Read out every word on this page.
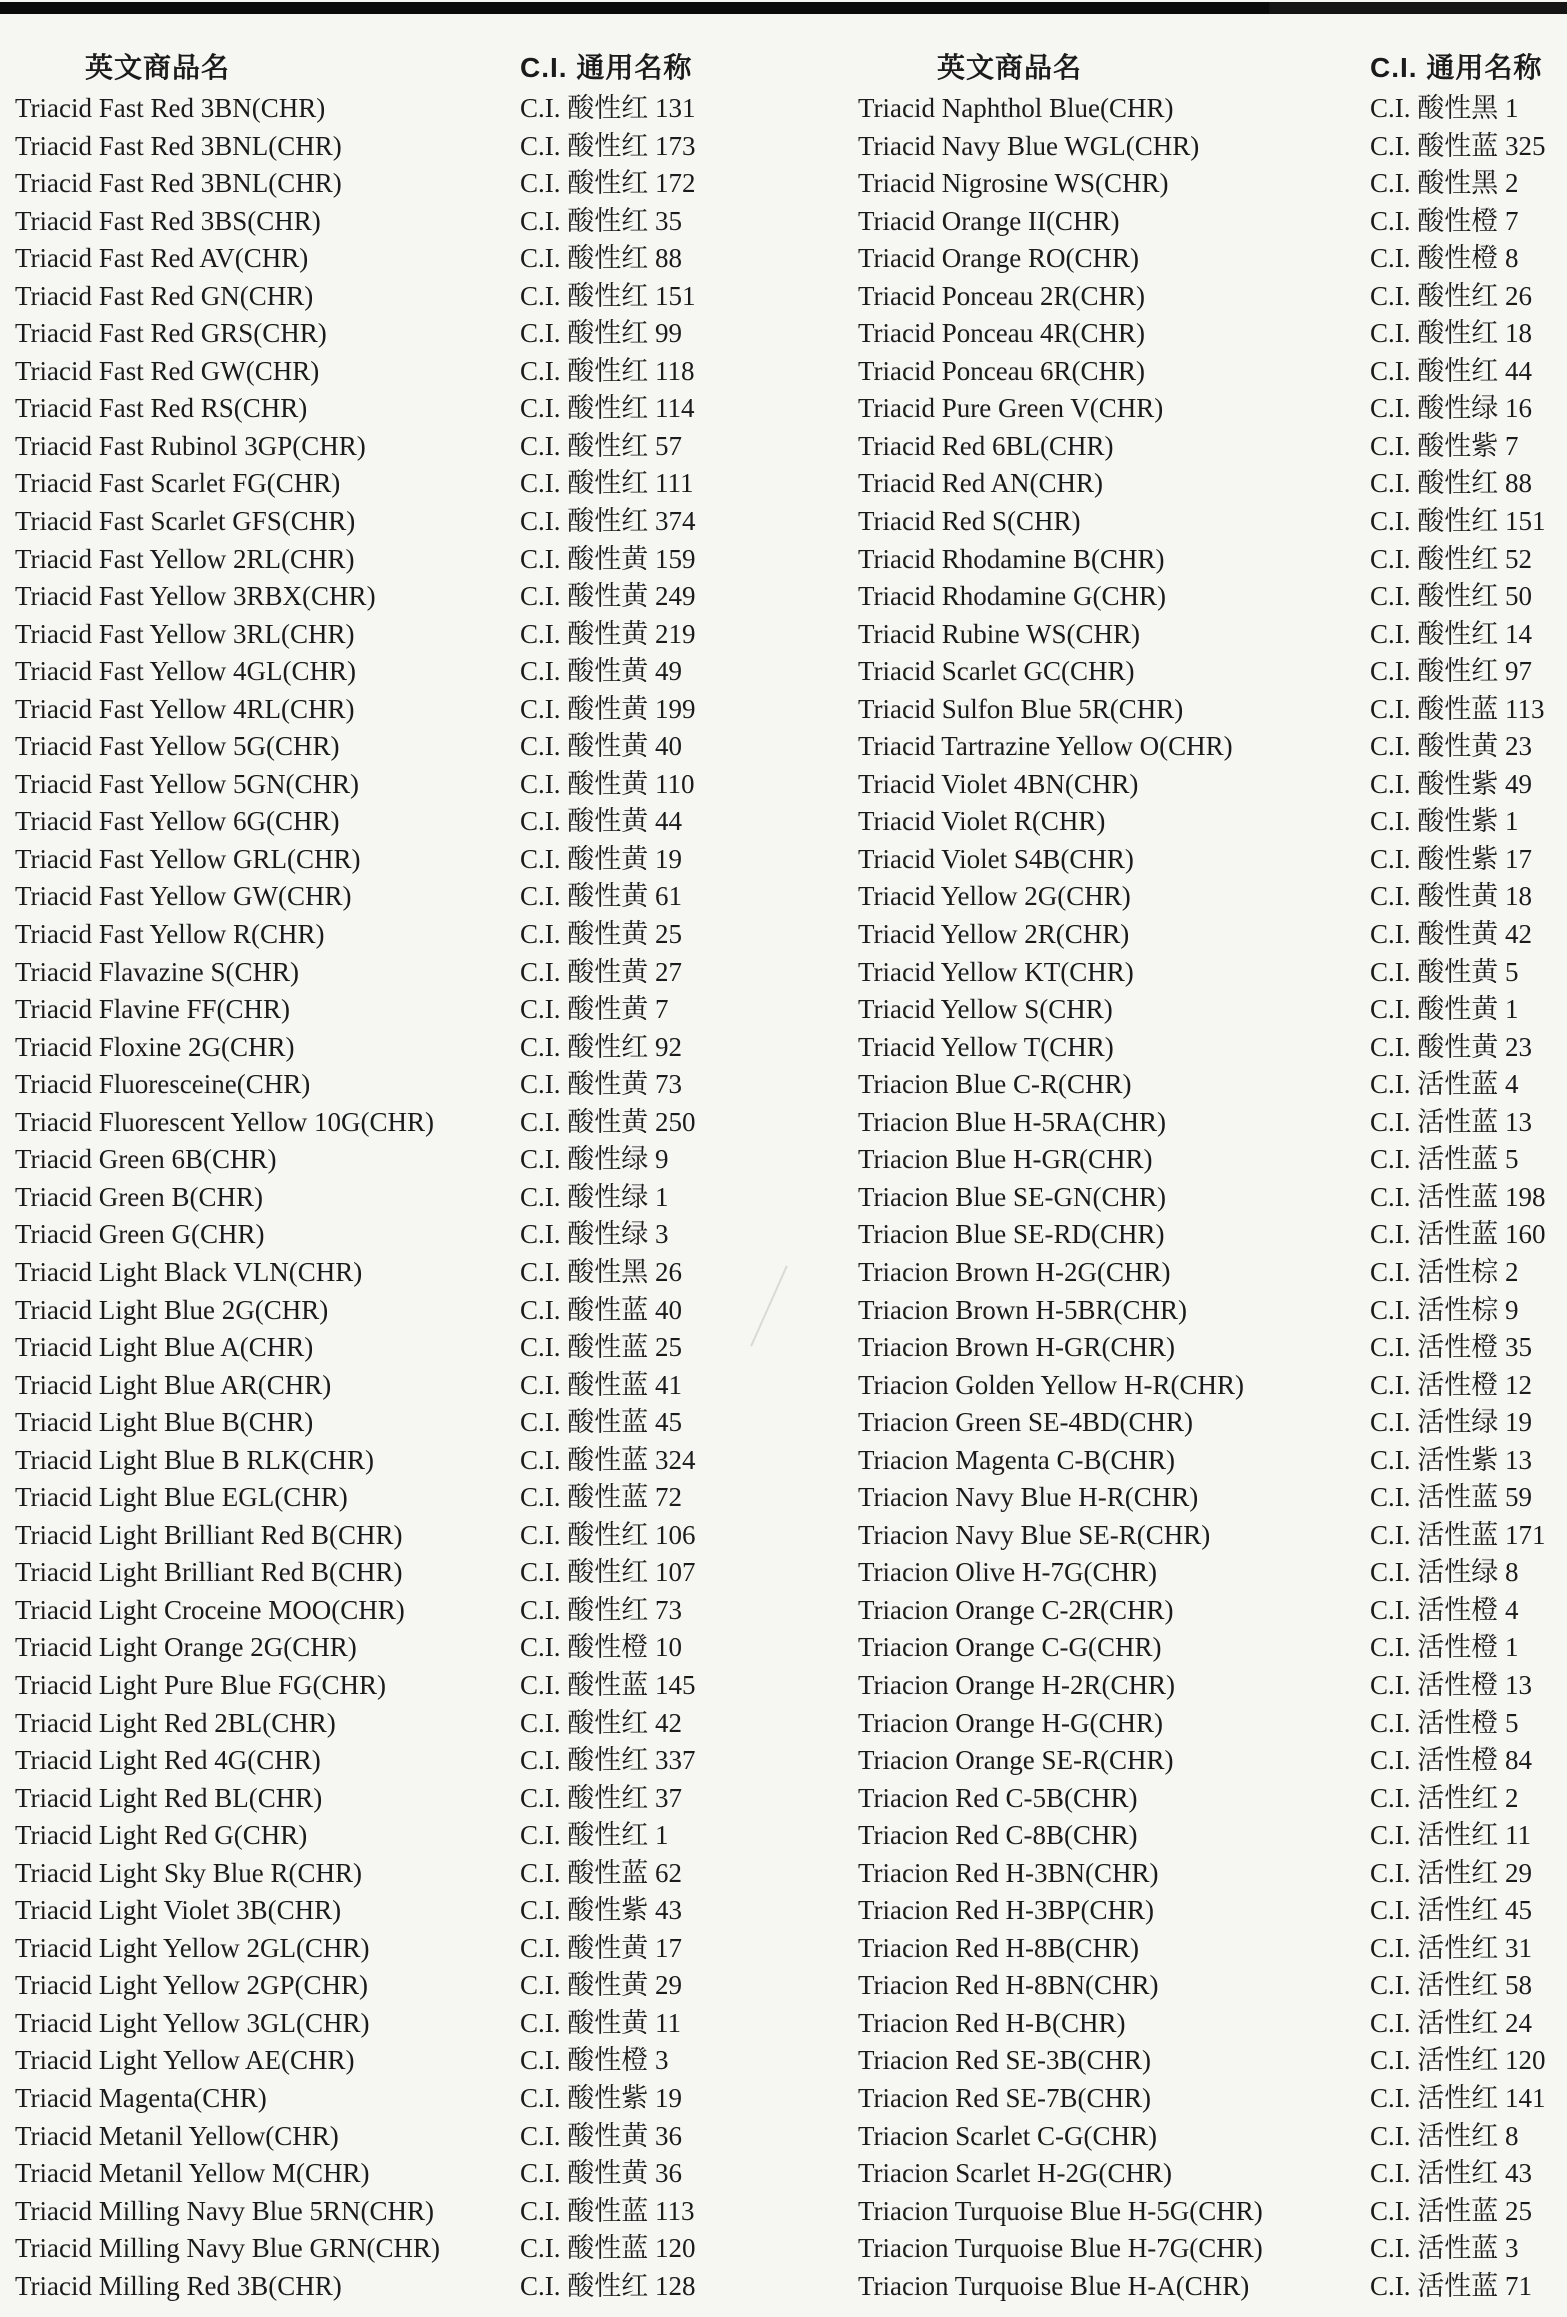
英文商品名	C.I. 通用名称
Triacid Fast Red 3BN(CHR)	C.I. 酸性红 131
Triacid Fast Red 3BNL(CHR)	C.I. 酸性红 173
Triacid Fast Red 3BNL(CHR)	C.I. 酸性红 172
Triacid Fast Red 3BS(CHR)	C.I. 酸性红 35
Triacid Fast Red AV(CHR)	C.I. 酸性红 88
Triacid Fast Red GN(CHR)	C.I. 酸性红 151
Triacid Fast Red GRS(CHR)	C.I. 酸性红 99
Triacid Fast Red GW(CHR)	C.I. 酸性红 118
Triacid Fast Red RS(CHR)	C.I. 酸性红 114
Triacid Fast Rubinol 3GP(CHR)	C.I. 酸性红 57
Triacid Fast Scarlet FG(CHR)	C.I. 酸性红 111
Triacid Fast Scarlet GFS(CHR)	C.I. 酸性红 374
Triacid Fast Yellow 2RL(CHR)	C.I. 酸性黄 159
Triacid Fast Yellow 3RBX(CHR)	C.I. 酸性黄 249
Triacid Fast Yellow 3RL(CHR)	C.I. 酸性黄 219
Triacid Fast Yellow 4GL(CHR)	C.I. 酸性黄 49
Triacid Fast Yellow 4RL(CHR)	C.I. 酸性黄 199
Triacid Fast Yellow 5G(CHR)	C.I. 酸性黄 40
Triacid Fast Yellow 5GN(CHR)	C.I. 酸性黄 110
Triacid Fast Yellow 6G(CHR)	C.I. 酸性黄 44
Triacid Fast Yellow GRL(CHR)	C.I. 酸性黄 19
Triacid Fast Yellow GW(CHR)	C.I. 酸性黄 61
Triacid Fast Yellow R(CHR)	C.I. 酸性黄 25
Triacid Flavazine S(CHR)	C.I. 酸性黄 27
Triacid Flavine FF(CHR)	C.I. 酸性黄 7
Triacid Floxine 2G(CHR)	C.I. 酸性红 92
Triacid Fluoresceine(CHR)	C.I. 酸性黄 73
Triacid Fluorescent Yellow 10G(CHR)	C.I. 酸性黄 250
Triacid Green 6B(CHR)	C.I. 酸性绿 9
Triacid Green B(CHR)	C.I. 酸性绿 1
Triacid Green G(CHR)	C.I. 酸性绿 3
Triacid Light Black VLN(CHR)	C.I. 酸性黑 26
Triacid Light Blue 2G(CHR)	C.I. 酸性蓝 40
Triacid Light Blue A(CHR)	C.I. 酸性蓝 25
Triacid Light Blue AR(CHR)	C.I. 酸性蓝 41
Triacid Light Blue B(CHR)	C.I. 酸性蓝 45
Triacid Light Blue B RLK(CHR)	C.I. 酸性蓝 324
Triacid Light Blue EGL(CHR)	C.I. 酸性蓝 72
Triacid Light Brilliant Red B(CHR)	C.I. 酸性红 106
Triacid Light Brilliant Red B(CHR)	C.I. 酸性红 107
Triacid Light Croceine MOO(CHR)	C.I. 酸性红 73
Triacid Light Orange 2G(CHR)	C.I. 酸性橙 10
Triacid Light Pure Blue FG(CHR)	C.I. 酸性蓝 145
Triacid Light Red 2BL(CHR)	C.I. 酸性红 42
Triacid Light Red 4G(CHR)	C.I. 酸性红 337
Triacid Light Red BL(CHR)	C.I. 酸性红 37
Triacid Light Red G(CHR)	C.I. 酸性红 1
Triacid Light Sky Blue R(CHR)	C.I. 酸性蓝 62
Triacid Light Violet 3B(CHR)	C.I. 酸性紫 43
Triacid Light Yellow 2GL(CHR)	C.I. 酸性黄 17
Triacid Light Yellow 2GP(CHR)	C.I. 酸性黄 29
Triacid Light Yellow 3GL(CHR)	C.I. 酸性黄 11
Triacid Light Yellow AE(CHR)	C.I. 酸性橙 3
Triacid Magenta(CHR)	C.I. 酸性紫 19
Triacid Metanil Yellow(CHR)	C.I. 酸性黄 36
Triacid Metanil Yellow M(CHR)	C.I. 酸性黄 36
Triacid Milling Navy Blue 5RN(CHR)	C.I. 酸性蓝 113
Triacid Milling Navy Blue GRN(CHR)	C.I. 酸性蓝 120
Triacid Milling Red 3B(CHR)	C.I. 酸性红 128
英文商品名	C.I. 通用名称
Triacid Naphthol Blue(CHR)	C.I. 酸性黑 1
Triacid Navy Blue WGL(CHR)	C.I. 酸性蓝 325
Triacid Nigrosine WS(CHR)	C.I. 酸性黑 2
Triacid Orange II(CHR)	C.I. 酸性橙 7
Triacid Orange RO(CHR)	C.I. 酸性橙 8
Triacid Ponceau 2R(CHR)	C.I. 酸性红 26
Triacid Ponceau 4R(CHR)	C.I. 酸性红 18
Triacid Ponceau 6R(CHR)	C.I. 酸性红 44
Triacid Pure Green V(CHR)	C.I. 酸性绿 16
Triacid Red 6BL(CHR)	C.I. 酸性紫 7
Triacid Red AN(CHR)	C.I. 酸性红 88
Triacid Red S(CHR)	C.I. 酸性红 151
Triacid Rhodamine B(CHR)	C.I. 酸性红 52
Triacid Rhodamine G(CHR)	C.I. 酸性红 50
Triacid Rubine WS(CHR)	C.I. 酸性红 14
Triacid Scarlet GC(CHR)	C.I. 酸性红 97
Triacid Sulfon Blue 5R(CHR)	C.I. 酸性蓝 113
Triacid Tartrazine Yellow O(CHR)	C.I. 酸性黄 23
Triacid Violet 4BN(CHR)	C.I. 酸性紫 49
Triacid Violet R(CHR)	C.I. 酸性紫 1
Triacid Violet S4B(CHR)	C.I. 酸性紫 17
Triacid Yellow 2G(CHR)	C.I. 酸性黄 18
Triacid Yellow 2R(CHR)	C.I. 酸性黄 42
Triacid Yellow KT(CHR)	C.I. 酸性黄 5
Triacid Yellow S(CHR)	C.I. 酸性黄 1
Triacid Yellow T(CHR)	C.I. 酸性黄 23
Triacion Blue C-R(CHR)	C.I. 活性蓝 4
Triacion Blue H-5RA(CHR)	C.I. 活性蓝 13
Triacion Blue H-GR(CHR)	C.I. 活性蓝 5
Triacion Blue SE-GN(CHR)	C.I. 活性蓝 198
Triacion Blue SE-RD(CHR)	C.I. 活性蓝 160
Triacion Brown H-2G(CHR)	C.I. 活性棕 2
Triacion Brown H-5BR(CHR)	C.I. 活性棕 9
Triacion Brown H-GR(CHR)	C.I. 活性橙 35
Triacion Golden Yellow H-R(CHR)	C.I. 活性橙 12
Triacion Green SE-4BD(CHR)	C.I. 活性绿 19
Triacion Magenta C-B(CHR)	C.I. 活性紫 13
Triacion Navy Blue H-R(CHR)	C.I. 活性蓝 59
Triacion Navy Blue SE-R(CHR)	C.I. 活性蓝 171
Triacion Olive H-7G(CHR)	C.I. 活性绿 8
Triacion Orange C-2R(CHR)	C.I. 活性橙 4
Triacion Orange C-G(CHR)	C.I. 活性橙 1
Triacion Orange H-2R(CHR)	C.I. 活性橙 13
Triacion Orange H-G(CHR)	C.I. 活性橙 5
Triacion Orange SE-R(CHR)	C.I. 活性橙 84
Triacion Red C-5B(CHR)	C.I. 活性红 2
Triacion Red C-8B(CHR)	C.I. 活性红 11
Triacion Red H-3BN(CHR)	C.I. 活性红 29
Triacion Red H-3BP(CHR)	C.I. 活性红 45
Triacion Red H-8B(CHR)	C.I. 活性红 31
Triacion Red H-8BN(CHR)	C.I. 活性红 58
Triacion Red H-B(CHR)	C.I. 活性红 24
Triacion Red SE-3B(CHR)	C.I. 活性红 120
Triacion Red SE-7B(CHR)	C.I. 活性红 141
Triacion Scarlet C-G(CHR)	C.I. 活性红 8
Triacion Scarlet H-2G(CHR)	C.I. 活性红 43
Triacion Turquoise Blue H-5G(CHR)	C.I. 活性蓝 25
Triacion Turquoise Blue H-7G(CHR)	C.I. 活性蓝 3
Triacion Turquoise Blue H-A(CHR)	C.I. 活性蓝 71
